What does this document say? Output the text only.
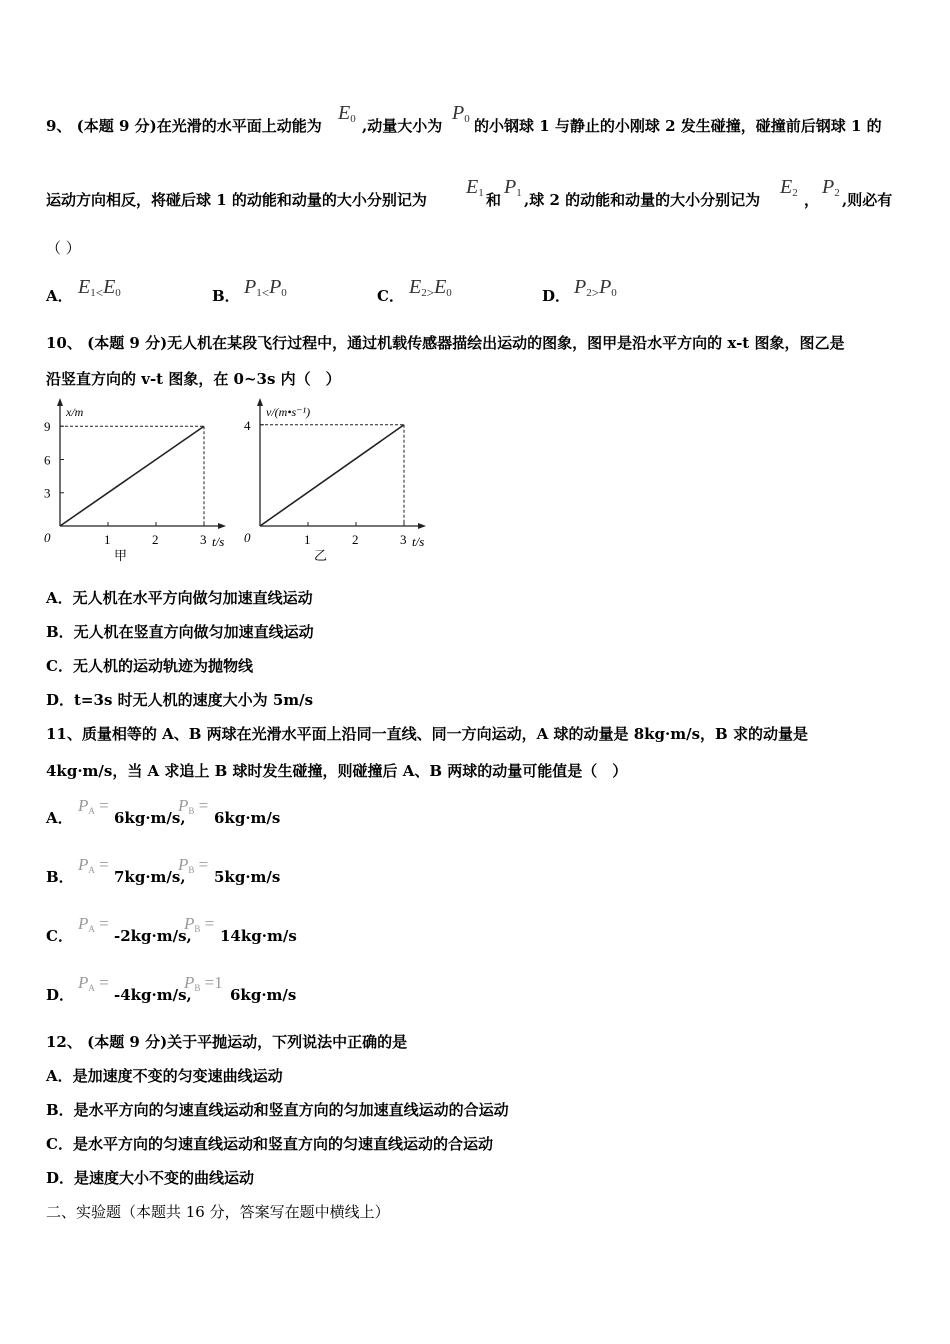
9、 (本题 9 分)在光滑的水平面上动能为
$E_0$ ,动量大小为
$P_0$ 的小钢球 1 与静止的小刚球 2 发生碰撞，碰撞前后钢球 1 的
运动方向相反，将碰后球 1 的动能和动量的大小分别记为
$E_1$ 和
$P_1$ ,球 2 的动能和动量的大小分别记为
$E_2$ ，
$P_2$ ,则必有
（ ）
A． $E_{1<}E_0$	B． $P_{1<}P_0$	C． $E_{2>}E_0$	D． $P_{2>}P_0$
10、 (本题 9 分)无人机在某段飞行过程中，通过机载传感器描绘出运动的图象，图甲是沿水平方向的 x-t 图象，图乙是
沿竖直方向的 v-t 图象，在 0~3s 内（　）
x/m
t/s
0
甲
1	2	3
3
6
9
v/(m•s⁻¹)
t/s
0
乙
1	2	3
4
A．无人机在水平方向做匀加速直线运动
B．无人机在竖直方向做匀加速直线运动
C．无人机的运动轨迹为抛物线
D．t=3s 时无人机的速度大小为 5m/s
11、质量相等的 A、B 两球在光滑水平面上沿同一直线、同一方向运动，A 球的动量是 8kg·m/s，B 求的动量是
4kg·m/s，当 A 求追上 B 球时发生碰撞，则碰撞后 A、B 两球的动量可能值是（　）
A．
$P_A$ =
6kg·m/s,
$P_B$ =
6kg·m/s
B．
$P_A$ =
7kg·m/s,
$P_B$ =
5kg·m/s
C．
$P_A$ =
-2kg·m/s,
$P_B$ =
14kg·m/s
D．
$P_A$ =
-4kg·m/s,
$P_B =1$
6kg·m/s
12、 (本题 9 分)关于平抛运动，下列说法中正确的是
A．是加速度不变的匀变速曲线运动
B．是水平方向的匀速直线运动和竖直方向的匀加速直线运动的合运动
C．是水平方向的匀速直线运动和竖直方向的匀速直线运动的合运动
D．是速度大小不变的曲线运动
二、实验题（本题共 16 分，答案写在题中横线上）
